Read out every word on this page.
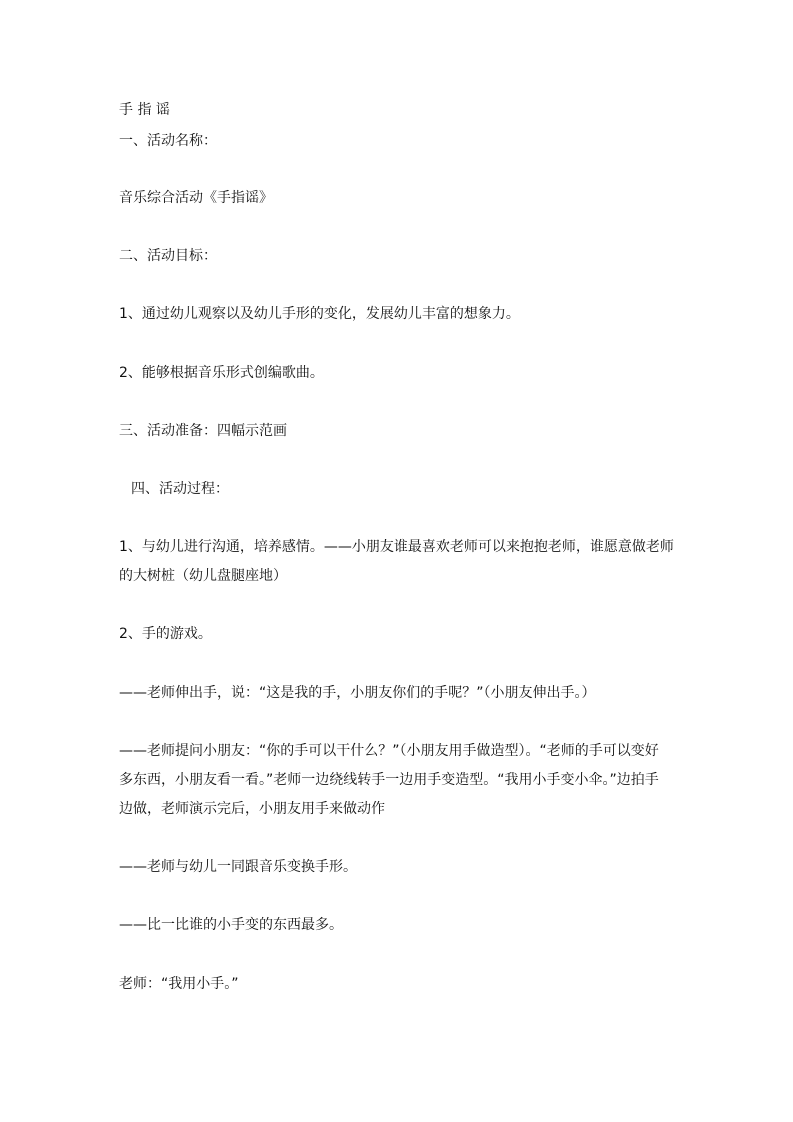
手 指 谣
一、活动名称：
音乐综合活动《手指谣》
二、活动目标：
1、通过幼儿观察以及幼儿手形的变化，发展幼儿丰富的想象力。
2、能够根据音乐形式创编歌曲。
三、活动准备：四幅示范画
四、活动过程：
1、与幼儿进行沟通，培养感情。——小朋友谁最喜欢老师可以来抱抱老师，谁愿意做老师
的大树桩（幼儿盘腿座地）
2、手的游戏。
——老师伸出手，说：“这是我的手，小朋友你们的手呢？”（小朋友伸出手。）
——老师提问小朋友：“你的手可以干什么？”（小朋友用手做造型）。“老师的手可以变好
多东西，小朋友看一看。”老师一边绕线转手一边用手变造型。“我用小手变小伞。”边拍手
边做，老师演示完后，小朋友用手来做动作
——老师与幼儿一同跟音乐变换手形。
——比一比谁的小手变的东西最多。
老师：“我用小手。”
